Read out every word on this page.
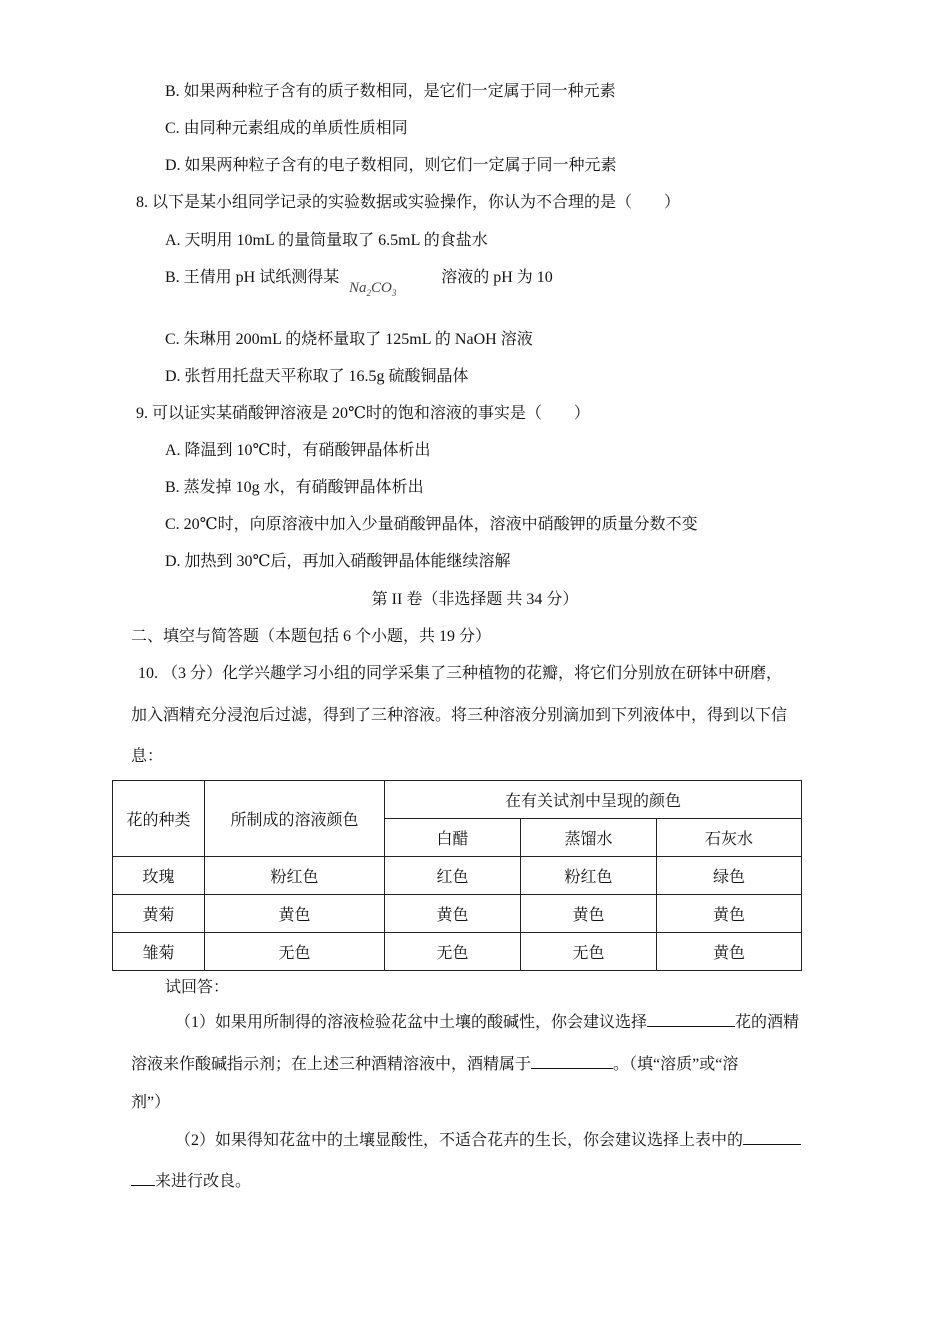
B. 如果两种粒子含有的质子数相同，是它们一定属于同一种元素
C. 由同种元素组成的单质性质相同
D. 如果两种粒子含有的电子数相同，则它们一定属于同一种元素
8. 以下是某小组同学记录的实验数据或实验操作，你认为不合理的是（　　）
A. 天明用 10mL 的量筒量取了 6.5mL 的食盐水
B. 王倩用 pH 试纸测得某	溶液的 pH 为 10
$Na_2CO_3$
C. 朱琳用 200mL 的烧杯量取了 125mL 的 NaOH 溶液
D. 张哲用托盘天平称取了 16.5g 硫酸铜晶体
9. 可以证实某硝酸钾溶液是 20℃时的饱和溶液的事实是（　　）
A. 降温到 10℃时，有硝酸钾晶体析出
B. 蒸发掉 10g 水，有硝酸钾晶体析出
C. 20℃时，向原溶液中加入少量硝酸钾晶体，溶液中硝酸钾的质量分数不变
D. 加热到 30℃后，再加入硝酸钾晶体能继续溶解
第 II 卷（非选择题 共 34 分）
二、填空与简答题（本题包括 6 个小题，共 19 分）
10. （3 分）化学兴趣学习小组的同学采集了三种植物的花瓣，将它们分别放在研钵中研磨，
加入酒精充分浸泡后过滤，得到了三种溶液。将三种溶液分别滴加到下列液体中，得到以下信
息：
花的种类	所制成的溶液颜色	在有关试剂中呈现的颜色		
		白醋	蒸馏水	石灰水
玫瑰	粉红色	红色	粉红色	绿色
黄菊	黄色	黄色	黄色	黄色
雏菊	无色	无色	无色	黄色
试回答：
（1）如果用所制得的溶液检验花盆中土壤的酸碱性，你会建议选择	花的酒精
溶液来作酸碱指示剂；在上述三种酒精溶液中，酒精属于	。（填“溶质”或“溶
剂”）
（2）如果得知花盆中的土壤显酸性，不适合花卉的生长，你会建议选择上表中的
来进行改良。
